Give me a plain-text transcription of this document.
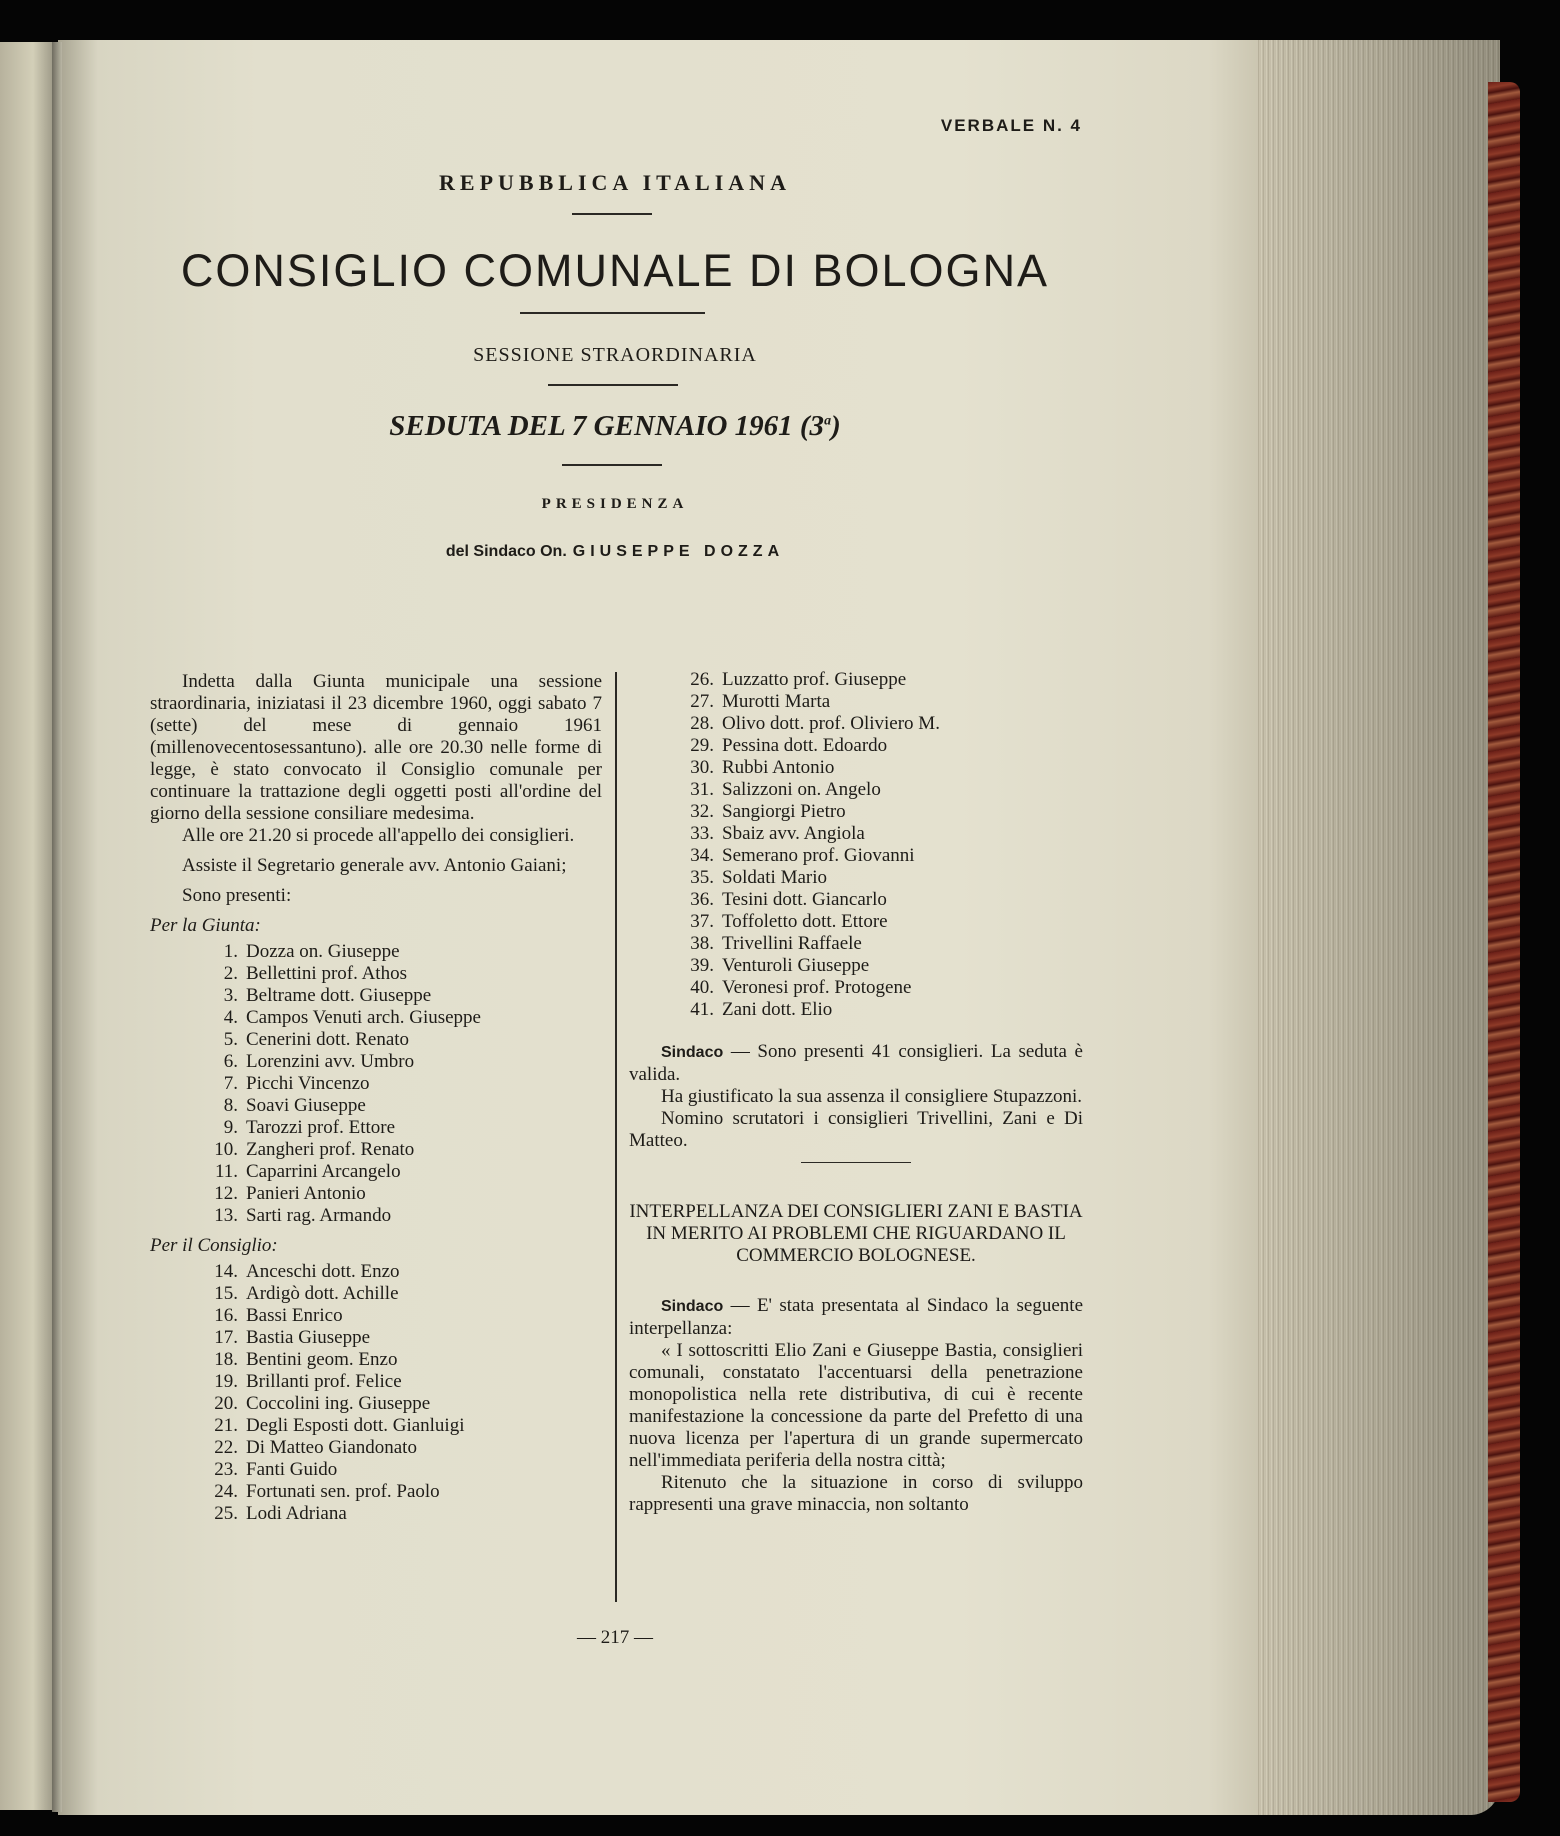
VERBALE N. 4
REPUBBLICA ITALIANA
CONSIGLIO COMUNALE DI BOLOGNA
SESSIONE STRAORDINARIA
SEDUTA DEL 7 GENNAIO 1961 (3$^a$)
PRESIDENZA
del Sindaco On. GIUSEPPE DOZZA

Indetta dalla Giunta municipale una sessione straordinaria, iniziatasi il 23 dicembre 1960, oggi sabato 7 (sette) del mese di gennaio 1961 (millenovecentosessantuno). alle ore 20.30 nelle forme di legge, è stato convocato il Consiglio comunale per continuare la trattazione degli oggetti posti all'ordine del giorno della sessione consiliare medesima.

Alle ore 21.20 si procede all'appello dei consiglieri.

Assiste il Segretario generale avv. Antonio Gaiani;

Sono presenti:

Per la Giunta:

1. Dozza on. Giuseppe
2. Bellettini prof. Athos
3. Beltrame dott. Giuseppe
4. Campos Venuti arch. Giuseppe
5. Cenerini dott. Renato
6. Lorenzini avv. Umbro
7. Picchi Vincenzo
8. Soavi Giuseppe
9. Tarozzi prof. Ettore
10. Zangheri prof. Renato
11. Caparrini Arcangelo
12. Panieri Antonio
13. Sarti rag. Armando

Per il Consiglio:

14. Anceschi dott. Enzo
15. Ardigò dott. Achille
16. Bassi Enrico
17. Bastia Giuseppe
18. Bentini geom. Enzo
19. Brillanti prof. Felice
20. Coccolini ing. Giuseppe
21. Degli Esposti dott. Gianluigi
22. Di Matteo Giandonato
23. Fanti Guido
24. Fortunati sen. prof. Paolo
25. Lodi Adriana
26. Luzzatto prof. Giuseppe
27. Murotti Marta
28. Olivo dott. prof. Oliviero M.
29. Pessina dott. Edoardo
30. Rubbi Antonio
31. Salizzoni on. Angelo
32. Sangiorgi Pietro
33. Sbaiz avv. Angiola
34. Semerano prof. Giovanni
35. Soldati Mario
36. Tesini dott. Giancarlo
37. Toffoletto dott. Ettore
38. Trivellini Raffaele
39. Venturoli Giuseppe
40. Veronesi prof. Protogene
41. Zani dott. Elio

Sindaco — Sono presenti 41 consiglieri. La seduta è valida.

Ha giustificato la sua assenza il consigliere Stupazzoni.

Nomino scrutatori i consiglieri Trivellini, Zani e Di Matteo.

INTERPELLANZA DEI CONSIGLIERI ZANI E BASTIA IN MERITO AI PROBLEMI CHE RIGUARDANO IL COMMERCIO BOLOGNESE.

Sindaco — E' stata presentata al Sindaco la seguente interpellanza:

« I sottoscritti Elio Zani e Giuseppe Bastia, consiglieri comunali, constatato l'accentuarsi della penetrazione monopolistica nella rete distributiva, di cui è recente manifestazione la concessione da parte del Prefetto di una nuova licenza per l'apertura di un grande supermercato nell'immediata periferia della nostra città;

Ritenuto che la situazione in corso di sviluppo rappresenti una grave minaccia, non soltanto

— 217 —
